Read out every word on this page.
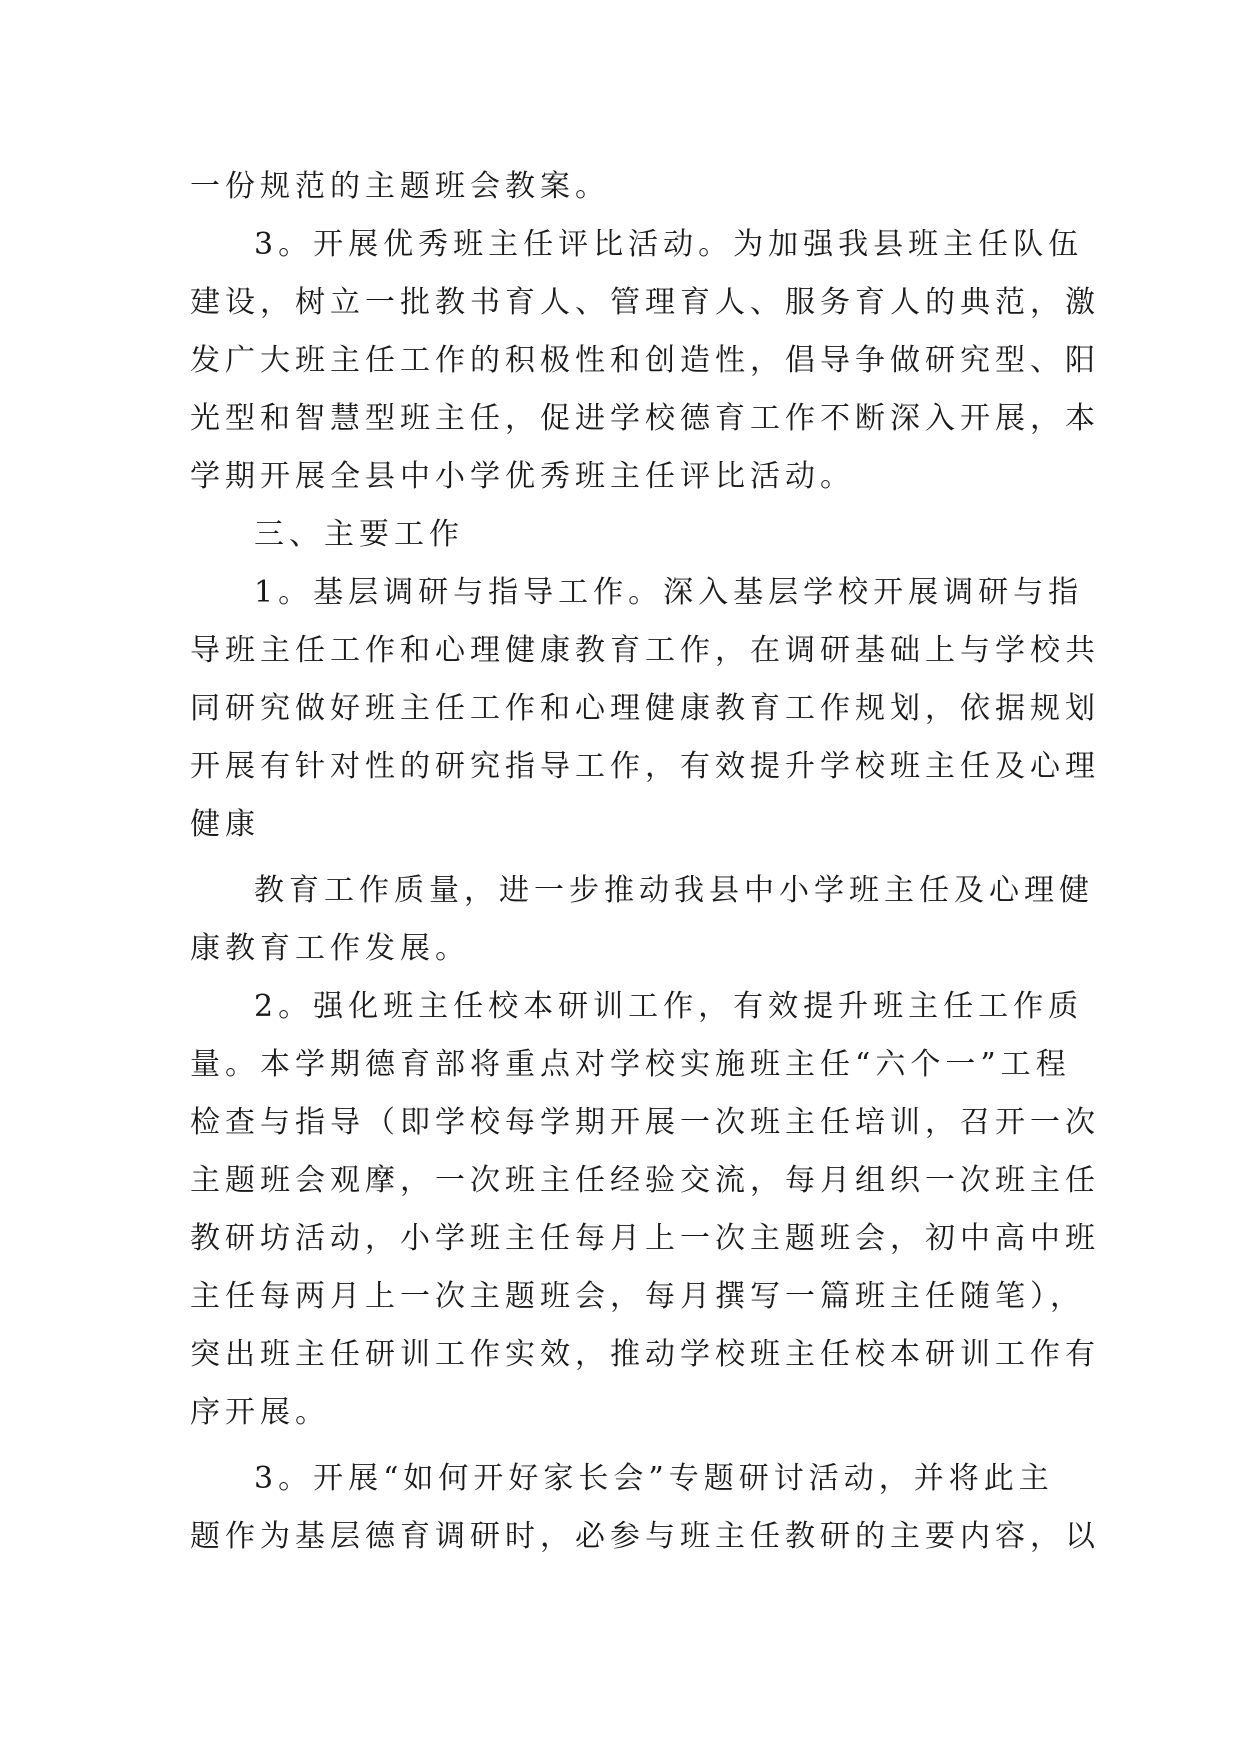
一份规范的主题班会教案。
3。开展优秀班主任评比活动。为加强我县班主任队伍
建设，树立一批教书育人、管理育人、服务育人的典范，激
发广大班主任工作的积极性和创造性，倡导争做研究型、阳
光型和智慧型班主任，促进学校德育工作不断深入开展，本
学期开展全县中小学优秀班主任评比活动。
三、主要工作
1。基层调研与指导工作。深入基层学校开展调研与指
导班主任工作和心理健康教育工作，在调研基础上与学校共
同研究做好班主任工作和心理健康教育工作规划，依据规划
开展有针对性的研究指导工作，有效提升学校班主任及心理
健康
教育工作质量，进一步推动我县中小学班主任及心理健
康教育工作发展。
2。强化班主任校本研训工作，有效提升班主任工作质
量。本学期德育部将重点对学校实施班主任“六个一”工程
检查与指导（即学校每学期开展一次班主任培训，召开一次
主题班会观摩，一次班主任经验交流，每月组织一次班主任
教研坊活动，小学班主任每月上一次主题班会，初中高中班
主任每两月上一次主题班会，每月撰写一篇班主任随笔），
突出班主任研训工作实效，推动学校班主任校本研训工作有
序开展。
3。开展“如何开好家长会”专题研讨活动，并将此主
题作为基层德育调研时，必参与班主任教研的主要内容，以
